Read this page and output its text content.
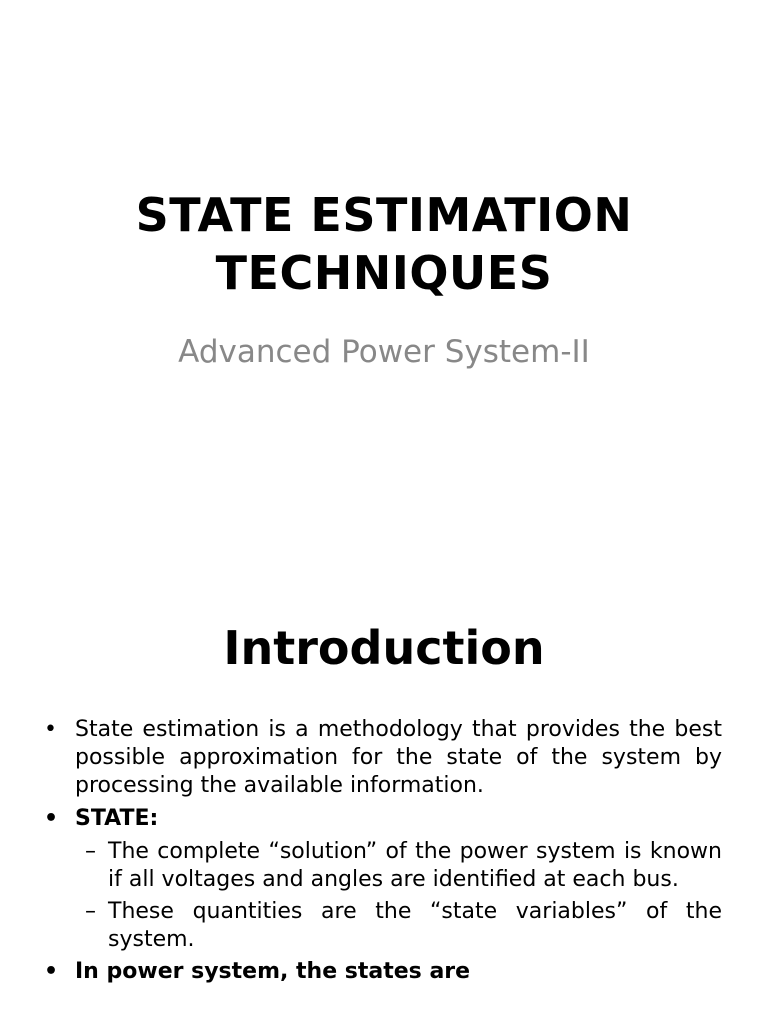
STATE ESTIMATION TECHNIQUES
Advanced Power System-II
Introduction
• State estimation is a methodology that provides the best possible approximation for the state of the system by processing the available information.
• STATE:
– The complete “solution” of the power system is known if all voltages and angles are identified at each bus.
– These quantities are the “state variables” of the system.
• In power system, the states are
